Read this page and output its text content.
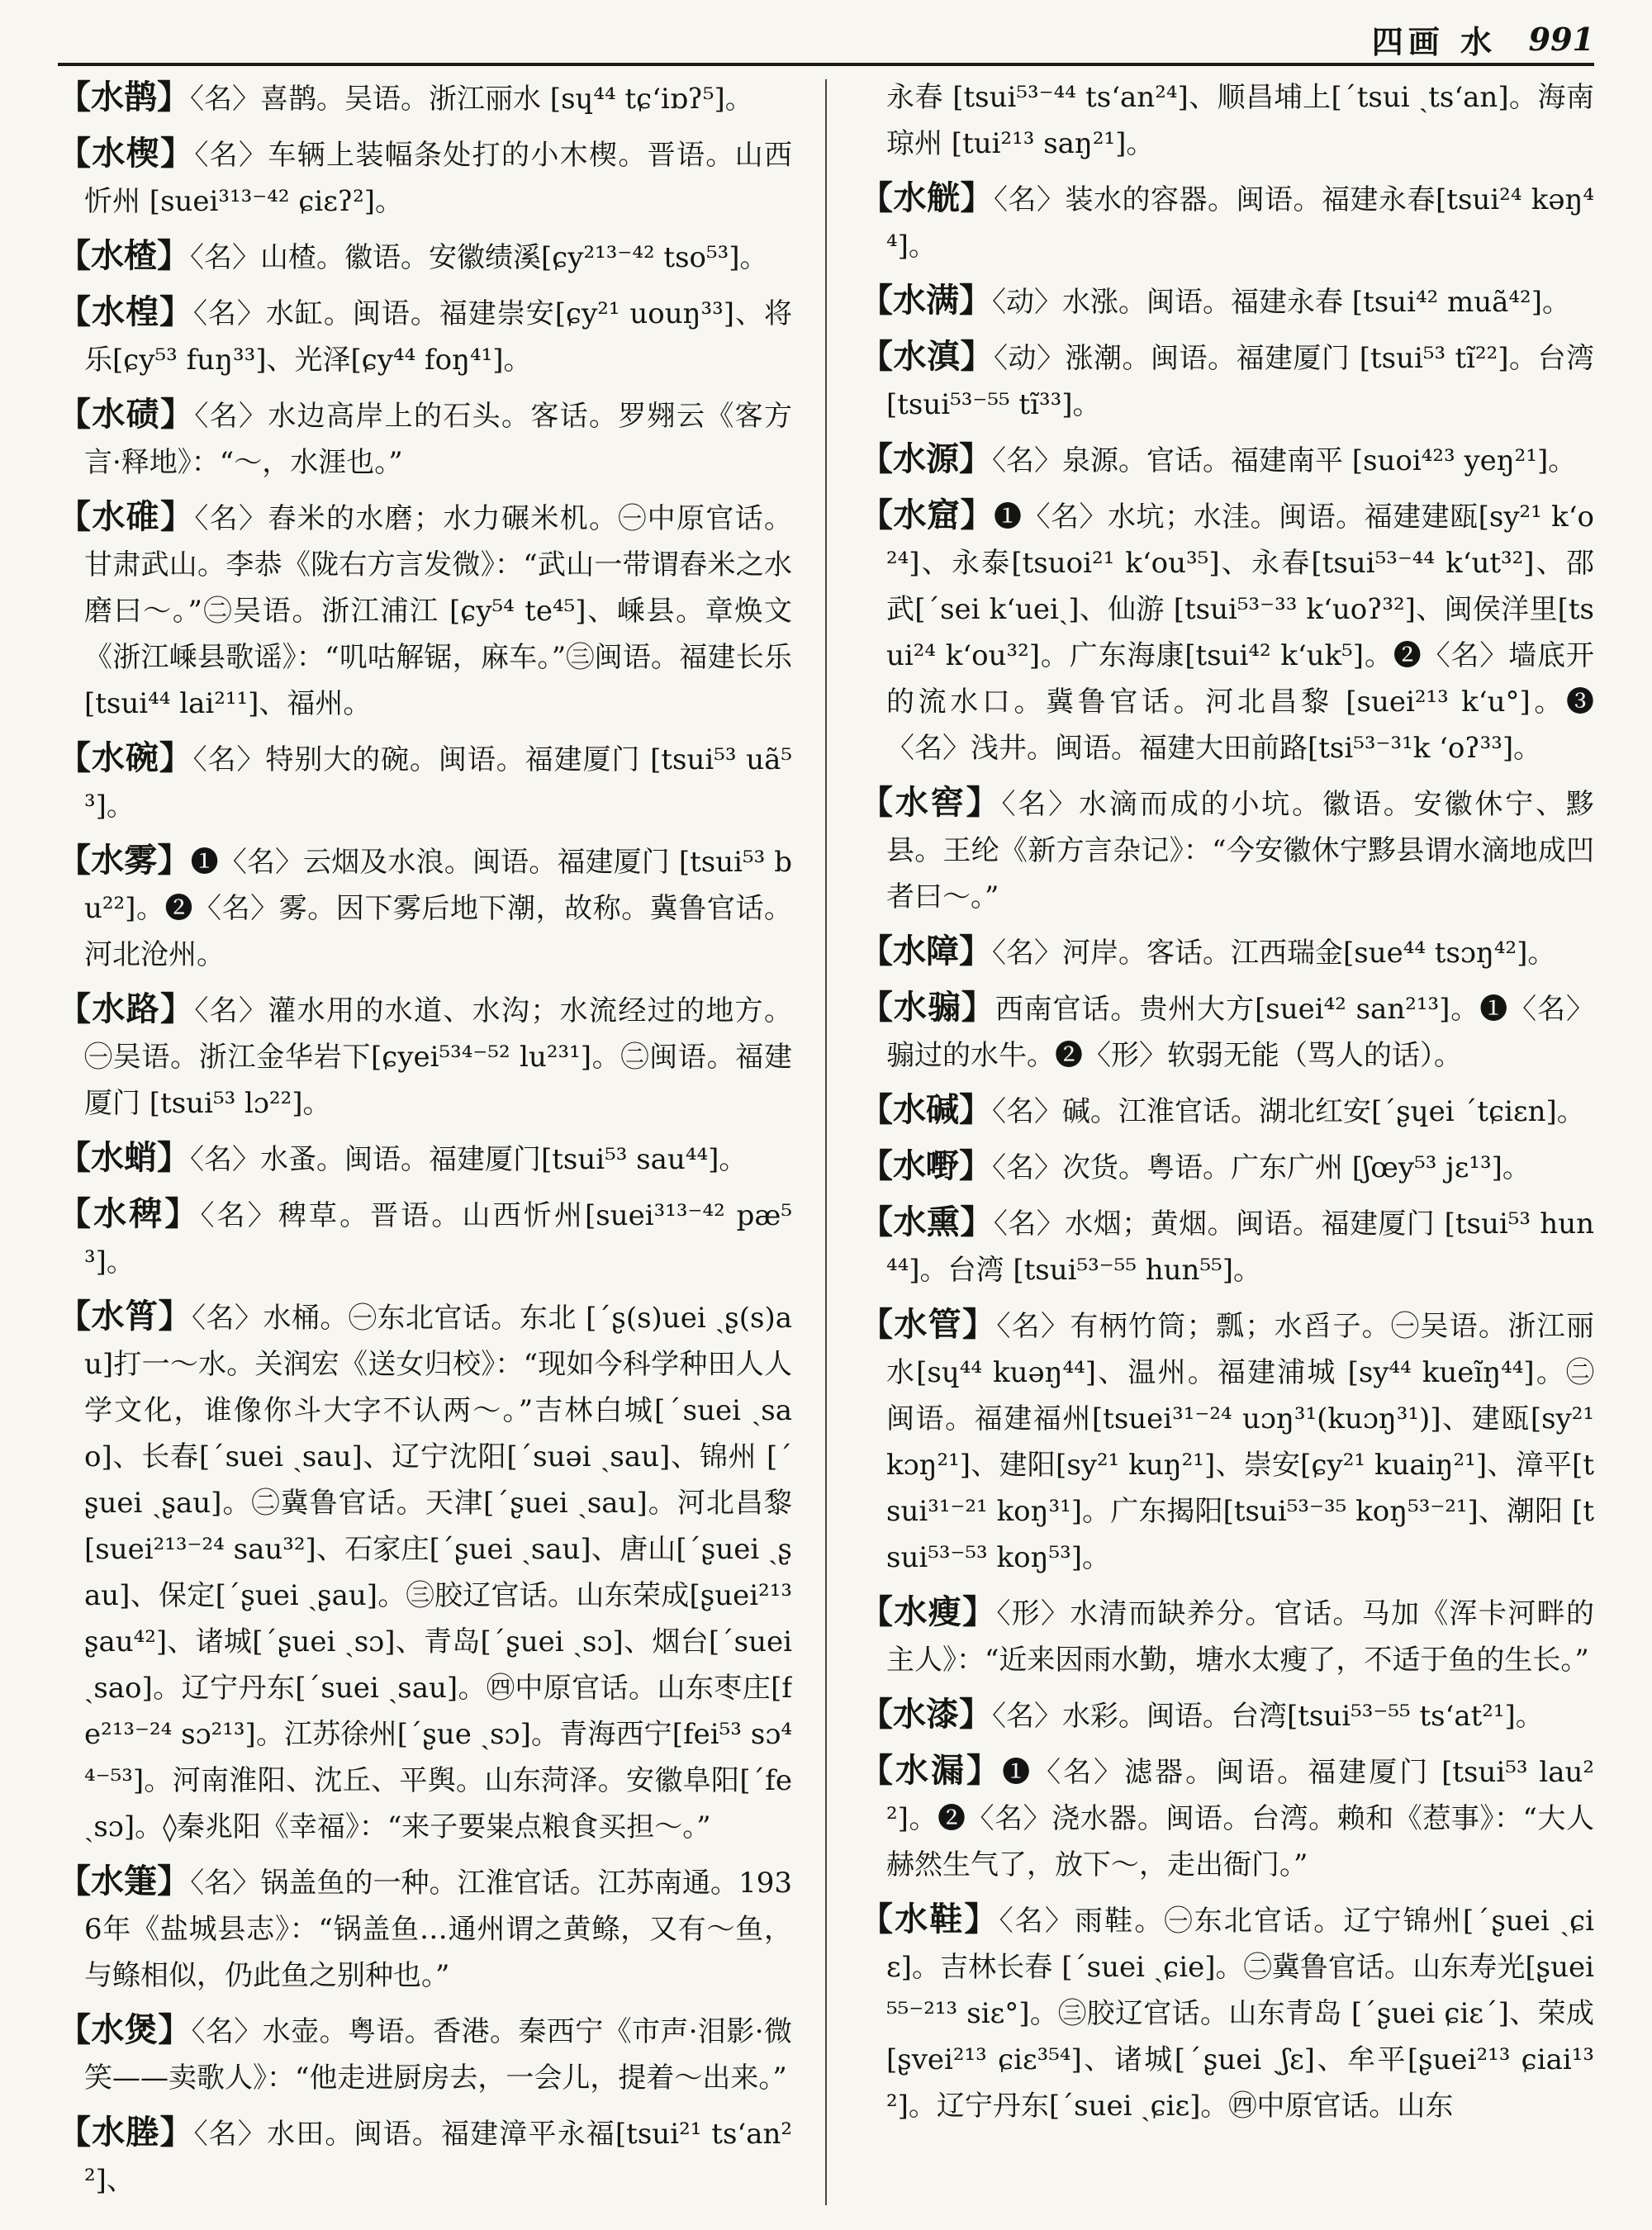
四画 水 991

【水鹊】〈名〉喜鹊。吴语。浙江丽水 [sɥ⁴⁴ tɕʻiɒʔ⁵]。

【水楔】〈名〉车辆上装幅条处打的小木楔。晋语。山西忻州 [suei³¹³⁻⁴² ɕiɛʔ²]。

【水楂】〈名〉山楂。徽语。安徽绩溪[ɕy²¹³⁻⁴² tso⁵³]。

【水楻】〈名〉水缸。闽语。福建崇安[ɕy²¹ uouŋ³³]、将乐[ɕy⁵³ fuŋ³³]、光泽[ɕy⁴⁴ foŋ⁴¹]。

【水碛】〈名〉水边高岸上的石头。客话。罗翙云《客方言·释地》：“～，水涯也。”

【水碓】〈名〉舂米的水磨；水力碾米机。㊀中原官话。甘肃武山。李恭《陇右方言发微》：“武山一带谓舂米之水磨曰～。”㊁吴语。浙江浦江 [ɕy⁵⁴ te⁴⁵]、嵊县。章焕文《浙江嵊县歌谣》：“叽咕解锯，麻车。”㊂闽语。福建长乐 [tsui⁴⁴ lai²¹¹]、福州。

【水碗】〈名〉特别大的碗。闽语。福建厦门 [tsui⁵³ uã⁵³]。

【水雾】❶〈名〉云烟及水浪。闽语。福建厦门 [tsui⁵³ bu²²]。❷〈名〉雾。因下雾后地下潮，故称。冀鲁官话。河北沧州。

【水路】〈名〉灌水用的水道、水沟；水流经过的地方。㊀吴语。浙江金华岩下[ɕyei⁵³⁴⁻⁵² lu²³¹]。㊁闽语。福建厦门 [tsui⁵³ lɔ²²]。

【水蛸】〈名〉水蚤。闽语。福建厦门[tsui⁵³ sau⁴⁴]。

【水稗】〈名〉稗草。晋语。山西忻州[suei³¹³⁻⁴² pæ⁵³]。

【水筲】〈名〉水桶。㊀东北官话。东北 [ˊʂ(s)uei ˏʂ(s)au]打一～水。关润宏《送女归校》：“现如今科学种田人人学文化，谁像你斗大字不认两～。”吉林白城[ˊsuei ˏsao]、长春[ˊsuei ˏsau]、辽宁沈阳[ˊsuəi ˏsau]、锦州 [ˊʂuei ˏʂau]。㊁冀鲁官话。天津[ˊʂuei ˏsau]。河北昌黎[suei²¹³⁻²⁴ sau³²]、石家庄[ˊʂuei ˏsau]、唐山[ˊʂuei ˏʂau]、保定[ˊʂuei ˏʂau]。㊂胶辽官话。山东荣成[ʂuei²¹³ ʂau⁴²]、诸城[ˊʂuei ˏsɔ]、青岛[ˊʂuei ˏsɔ]、烟台[ˊsuei ˏsao]。辽宁丹东[ˊsuei ˏsau]。㊃中原官话。山东枣庄[fe²¹³⁻²⁴ sɔ²¹³]。江苏徐州[ˊʂue ˏsɔ]。青海西宁[fei⁵³ sɔ⁴⁴⁻⁵³]。河南淮阳、沈丘、平舆。山东菏泽。安徽阜阳[ˊfe ˏsɔ]。◊秦兆阳《幸福》：“来子要粜点粮食买担～。”

【水箑】〈名〉锅盖鱼的一种。江淮官话。江苏南通。1936年《盐城县志》：“锅盖鱼…通州谓之黄鲦，又有～鱼，与鲦相似，仍此鱼之别种也。”

【水煲】〈名〉水壶。粤语。香港。秦西宁《市声·泪影·微笑——卖歌人》：“他走进厨房去，一会儿，提着～出来。”

【水塍】〈名〉水田。闽语。福建漳平永福[tsui²¹ tsʻan²²]、

永春 [tsui⁵³⁻⁴⁴ tsʻan²⁴]、顺昌埔上[ˊtsui ˏtsʻan]。海南琼州 [tui²¹³ saŋ²¹]。

【水觥】〈名〉装水的容器。闽语。福建永春[tsui²⁴ kəŋ⁴⁴]。

【水满】〈动〉水涨。闽语。福建永春 [tsui⁴² muã⁴²]。

【水滇】〈动〉涨潮。闽语。福建厦门 [tsui⁵³ tĩ²²]。台湾 [tsui⁵³⁻⁵⁵ tĩ³³]。

【水源】〈名〉泉源。官话。福建南平 [suoi⁴²³ yeŋ²¹]。

【水窟】❶〈名〉水坑；水洼。闽语。福建建瓯[sy²¹ kʻo²⁴]、永泰[tsuoi²¹ kʻou³⁵]、永春[tsui⁵³⁻⁴⁴ kʻut³²]、邵武[ˊsei kʻueiˏ]、仙游 [tsui⁵³⁻³³ kʻuoʔ³²]、闽侯洋里[tsui²⁴ kʻou³²]。广东海康[tsui⁴² kʻuk⁵]。❷〈名〉墙底开的流水口。冀鲁官话。河北昌黎 [suei²¹³ kʻu°]。❸〈名〉浅井。闽语。福建大田前路[tsi⁵³⁻³¹k ʻoʔ³³]。

【水窖】〈名〉水滴而成的小坑。徽语。安徽休宁、黟县。王纶《新方言杂记》：“今安徽休宁黟县谓水滴地成凹者曰～。”

【水障】〈名〉河岸。客话。江西瑞金[sue⁴⁴ tsɔŋ⁴²]。

【水骟】西南官话。贵州大方[suei⁴² san²¹³]。❶〈名〉骟过的水牛。❷〈形〉软弱无能（骂人的话）。

【水碱】〈名〉碱。江淮官话。湖北红安[ˊʂɥei ˊtɕiɛn]。

【水嘢】〈名〉次货。粤语。广东广州 [ʃœy⁵³ jɛ¹³]。

【水熏】〈名〉水烟；黄烟。闽语。福建厦门 [tsui⁵³ hun⁴⁴]。台湾 [tsui⁵³⁻⁵⁵ hun⁵⁵]。

【水管】〈名〉有柄竹筒；瓢；水舀子。㊀吴语。浙江丽水[sɥ⁴⁴ kuəŋ⁴⁴]、温州。福建浦城 [sy⁴⁴ kueĩŋ⁴⁴]。㊁闽语。福建福州[tsuei³¹⁻²⁴ uɔŋ³¹(kuɔŋ³¹)]、建瓯[sy²¹ kɔŋ²¹]、建阳[sy²¹ kuŋ²¹]、崇安[ɕy²¹ kuaiŋ²¹]、漳平[tsui³¹⁻²¹ koŋ³¹]。广东揭阳[tsui⁵³⁻³⁵ koŋ⁵³⁻²¹]、潮阳 [tsui⁵³⁻⁵³ koŋ⁵³]。

【水瘦】〈形〉水清而缺养分。官话。马加《浑卡河畔的主人》：“近来因雨水勤，塘水太瘦了，不适于鱼的生长。”

【水漆】〈名〉水彩。闽语。台湾[tsui⁵³⁻⁵⁵ tsʻat²¹]。

【水漏】❶〈名〉滤器。闽语。福建厦门 [tsui⁵³ lau²²]。❷〈名〉浇水器。闽语。台湾。赖和《惹事》：“大人赫然生气了，放下～，走出衙门。”

【水鞋】〈名〉雨鞋。㊀东北官话。辽宁锦州[ˊʂuei ˏɕiɛ]。吉林长春 [ˊsuei ˏɕie]。㊁冀鲁官话。山东寿光[ʂuei⁵⁵⁻²¹³ siɛ°]。㊂胶辽官话。山东青岛 [ˊʂuei ɕiɛˊ]、荣成[ʂvei²¹³ ɕiɛ³⁵⁴]、诸城[ˊʂuei ˏʃɛ]、牟平[ʂuei²¹³ ɕiai¹³²]。辽宁丹东[ˊsuei ˏɕiɛ]。㊃中原官话。山东
